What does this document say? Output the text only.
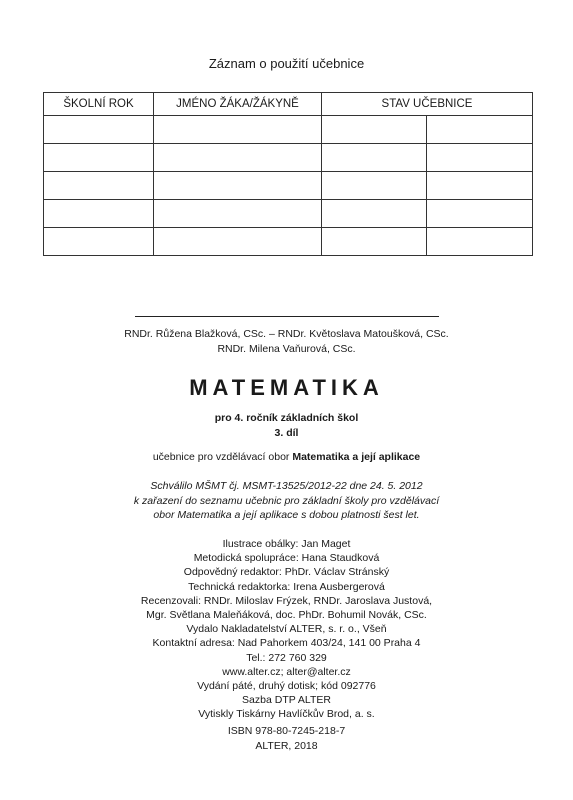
Záznam o použití učebnice
ŠKOLNÍ ROK	JMÉNO ŽÁKA/ŽÁKYNĚ	STAV UČEBNICE	

RNDr. Růžena Blažková, CSc. – RNDr. Květoslava Matoušková, CSc.
RNDr. Milena Vaňurová, CSc.
MATEMATIKA
pro 4. ročník základních škol
3. díl
učebnice pro vzdělávací obor Matematika a její aplikace
Schválilo MŠMT čj. MSMT-13525/2012-22 dne 24. 5. 2012
k zařazení do seznamu učebnic pro základní školy pro vzdělávací
obor Matematika a její aplikace s dobou platnosti šest let.
Ilustrace obálky: Jan Maget
Metodická spolupráce: Hana Staudková
Odpovědný redaktor: PhDr. Václav Stránský
Technická redaktorka: Irena Ausbergerová
Recenzovali: RNDr. Miloslav Frýzek, RNDr. Jaroslava Justová,
Mgr. Světlana Maleňáková, doc. PhDr. Bohumil Novák, CSc.
Vydalo Nakladatelství ALTER, s. r. o., Všeň
Kontaktní adresa: Nad Pahorkem 403/24, 141 00 Praha 4
Tel.: 272 760 329
www.alter.cz; alter@alter.cz
Vydání páté, druhý dotisk; kód 092776
Sazba DTP ALTER
Vytiskly Tiskárny Havlíčkův Brod, a. s.
ISBN 978-80-7245-218-7
ALTER, 2018
